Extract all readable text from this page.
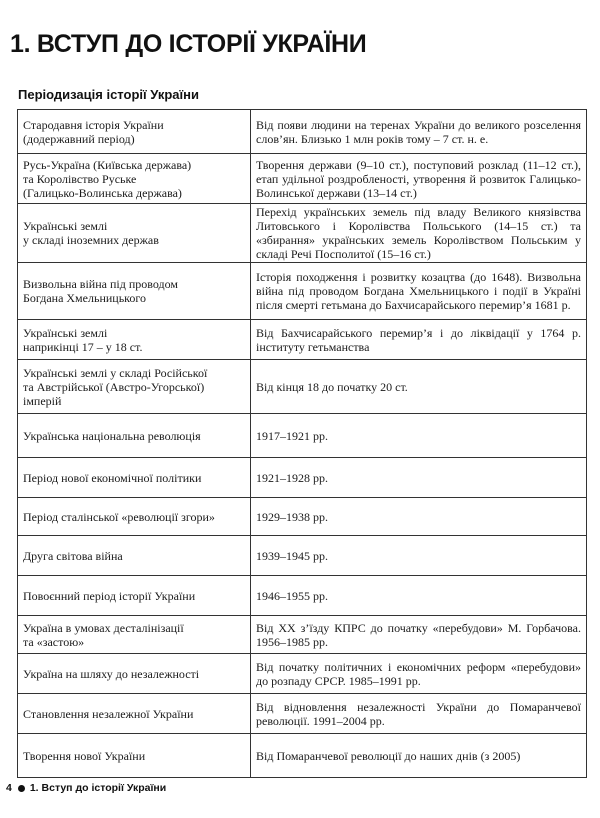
1. ВСТУП ДО ІСТОРІЇ УКРАЇНИ
Періодизація історії України
Стародавня історія України
(додержавний період)	Від появи людини на теренах України до великого розселення слов’ян. Близько 1 млн років тому – 7 ст. н. е.
Русь-Україна (Київська держава)
та Королівство Руське
(Галицько-Волинська держава)	Творення держави (9–10 ст.), поступовий розклад (11–12 ст.), етап удільної роздробленості, утворення й розвиток Галицько-Волинської держави (13–14 ст.)
Українські землі
у складі іноземних держав	Перехід українських земель під владу Великого князівства Литовського і Королівства Польського (14–15 ст.) та «збирання» українських земель Королівством Польським у складі Речі Посполитої (15–16 ст.)
Визвольна війна під проводом
Богдана Хмельницького	Історія походження і розвитку козацтва (до 1648). Визвольна війна під проводом Богдана Хмельницького і події в Україні після смерті гетьмана до Бахчисарайського перемир’я 1681 р.
Українські землі
наприкінці 17 – у 18 ст.	Від Бахчисарайського перемир’я і до ліквідації у 1764 р. інституту гетьманства
Українські землі у складі Російської
та Австрійської (Австро-Угорської)
імперій	Від кінця 18 до початку 20 ст.
Українська національна революція	1917–1921 рр.
Період нової економічної політики	1921–1928 рр.
Період сталінської «революції згори»	1929–1938 рр.
Друга світова війна	1939–1945 рр.
Повоєнний період історії України	1946–1955 рр.
Україна в умовах десталінізації
та «застою»	Від XX з’їзду КПРС до початку «перебудови» М. Горбачова. 1956–1985 рр.
Україна на шляху до незалежності	Від початку політичних і економічних реформ «перебудови» до розпаду СРСР. 1985–1991 рр.
Становлення незалежної України	Від відновлення незалежності України до Помаранчевої революції. 1991–2004 рр.
Творення нової України	Від Помаранчевої революції до наших днів (з 2005)
4 1. Вступ до історії України
